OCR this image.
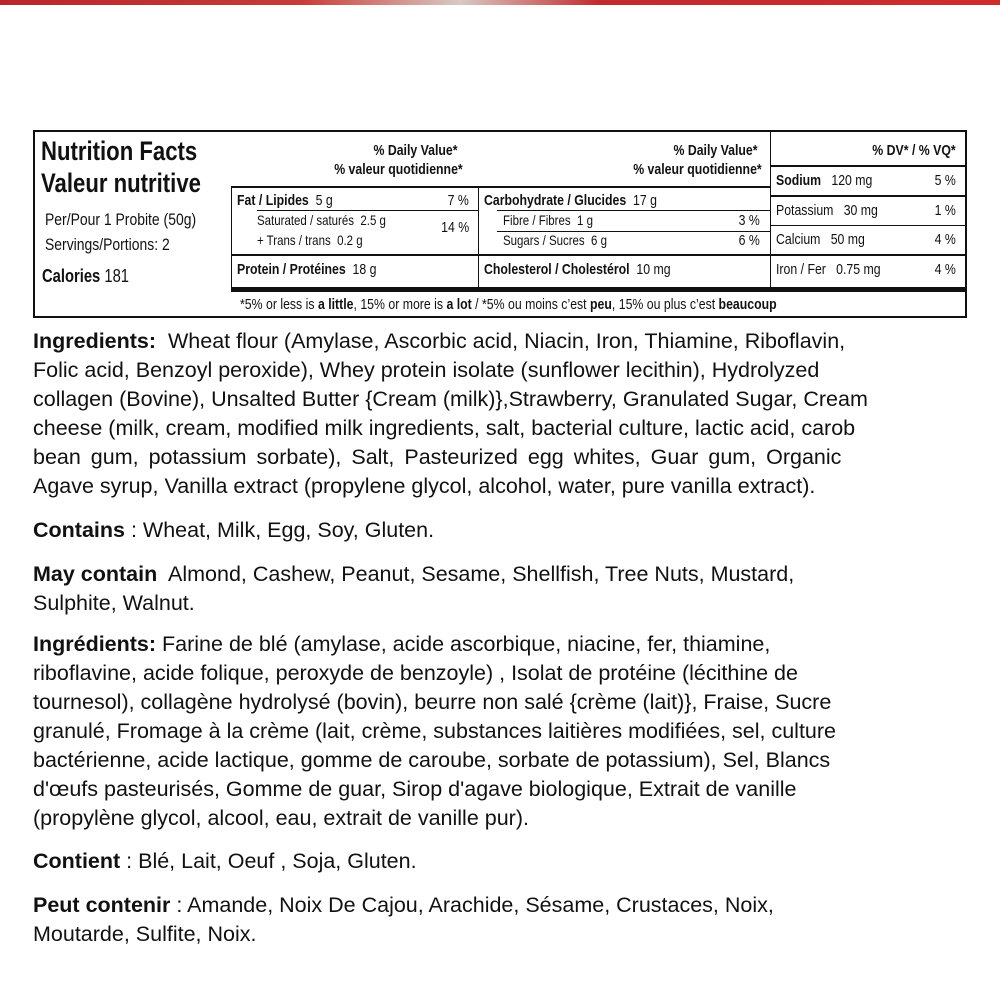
Nutrition Facts
Valeur nutritive
Per/Pour 1 Probite (50g)
Servings/Portions: 2
Calories 181
% Daily Value*
% valeur quotidienne*
% Daily Value*
% valeur quotidienne*
Fat / Lipides 5 g	7 %
Saturated / saturés 2.5 g	14 %
+ Trans / trans 0.2 g
Protein / Protéines 18 g
Carbohydrate / Glucides 17 g
Fibre / Fibres 1 g	3 %
Sugars / Sucres 6 g	6 %
Cholesterol / Cholestérol 10 mg
% DV* / % VQ*
Sodium 120 mg	5 %
Potassium 30 mg	1 %
Calcium 50 mg	4 %
Iron / Fer 0.75 mg	4 %
*5% or less is a little, 15% or more is a lot / *5% ou moins c’est peu, 15% ou plus c’est beaucoup
Ingredients: Wheat flour (Amylase, Ascorbic acid, Niacin, Iron, Thiamine, Riboflavin,
Folic acid, Benzoyl peroxide), Whey protein isolate (sunflower lecithin), Hydrolyzed
collagen (Bovine), Unsalted Butter {Cream (milk)},Strawberry, Granulated Sugar, Cream
cheese (milk, cream, modified milk ingredients, salt, bacterial culture, lactic acid, carob
bean gum, potassium sorbate), Salt, Pasteurized egg whites, Guar gum, Organic
Agave syrup, Vanilla extract (propylene glycol, alcohol, water, pure vanilla extract).
Contains : Wheat, Milk, Egg, Soy, Gluten.
May contain Almond, Cashew, Peanut, Sesame, Shellfish, Tree Nuts, Mustard,
Sulphite, Walnut.
Ingrédients: Farine de blé (amylase, acide ascorbique, niacine, fer, thiamine,
riboflavine, acide folique, peroxyde de benzoyle) , Isolat de protéine (lécithine de
tournesol), collagène hydrolysé (bovin), beurre non salé {crème (lait)}, Fraise, Sucre
granulé, Fromage à la crème (lait, crème, substances laitières modifiées, sel, culture
bactérienne, acide lactique, gomme de caroube, sorbate de potassium), Sel, Blancs
d'œufs pasteurisés, Gomme de guar, Sirop d'agave biologique, Extrait de vanille
(propylène glycol, alcool, eau, extrait de vanille pur).
Contient : Blé, Lait, Oeuf , Soja, Gluten.
Peut contenir : Amande, Noix De Cajou, Arachide, Sésame, Crustaces, Noix,
Moutarde, Sulfite, Noix.
